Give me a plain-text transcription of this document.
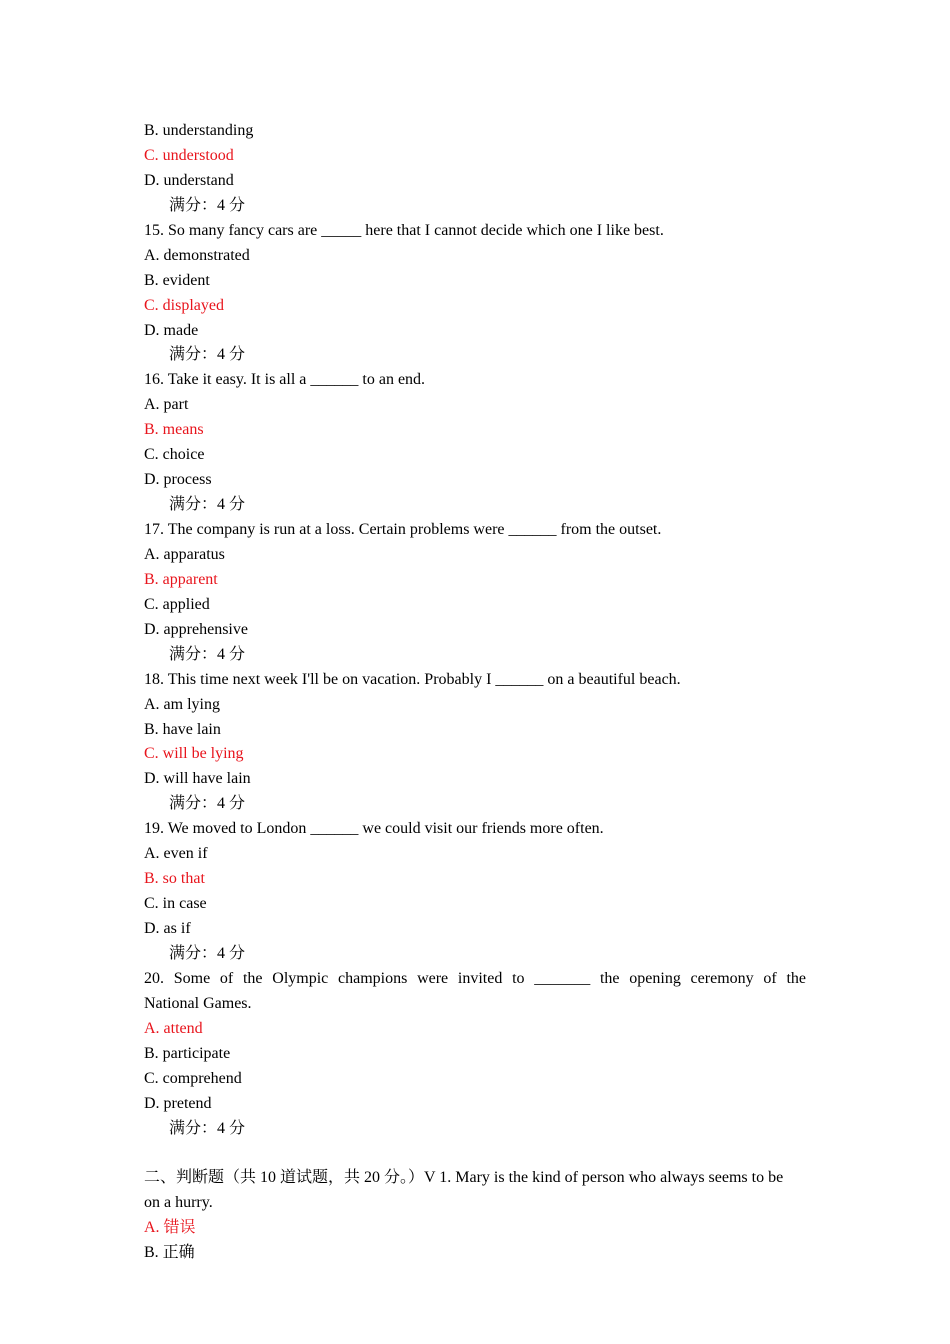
B. understanding
C. understood
D. understand
满分：4 分
15. So many fancy cars are _____ here that I cannot decide which one I like best.
A. demonstrated
B. evident
C. displayed
D. made
满分：4 分
16. Take it easy. It is all a ______ to an end.
A. part
B. means
C. choice
D. process
满分：4 分
17. The company is run at a loss. Certain problems were ______ from the outset.
A. apparatus
B. apparent
C. applied
D. apprehensive
满分：4 分
18. This time next week I'll be on vacation. Probably I ______ on a beautiful beach.
A. am lying
B. have lain
C. will be lying
D. will have lain
满分：4 分
19. We moved to London ______ we could visit our friends more often.
A. even if
B. so that
C. in case
D. as if
满分：4 分
20. Some of the Olympic champions were invited to _______ the opening ceremony of the
National Games.
A. attend
B. participate
C. comprehend
D. pretend
满分：4 分
二、判断题（共 10 道试题，共 20 分。）V 1. Mary is the kind of person who always seems to be
on a hurry.
A. 错误
B. 正确
